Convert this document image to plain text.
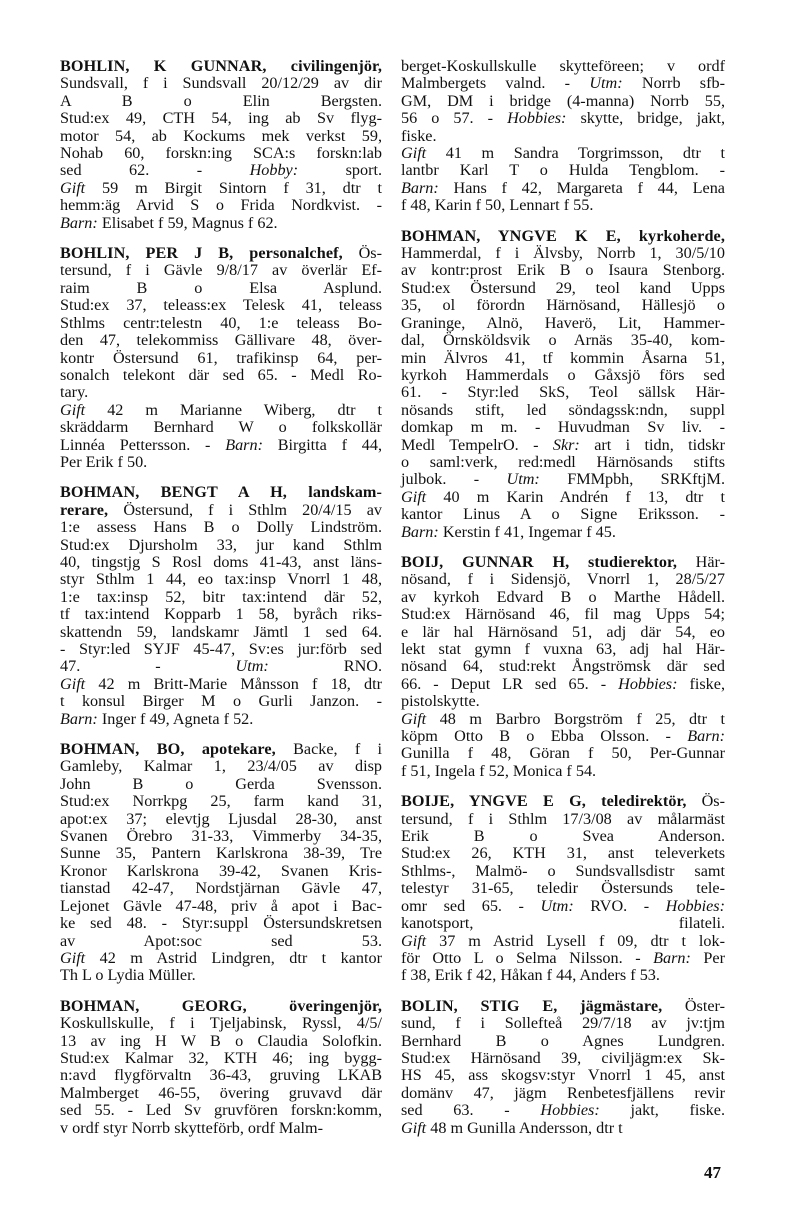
BOHLIN, K GUNNAR, civilingenjör,
Sundsvall, f i Sundsvall 20/12/29 av dir
A B o Elin Bergsten.
Stud:ex 49, CTH 54, ing ab Sv flyg-
motor 54, ab Kockums mek verkst 59,
Nohab 60, forskn:ing SCA:s forskn:lab
sed 62. - Hobby: sport.
Gift 59 m Birgit Sintorn f 31, dtr t
hemm:äg Arvid S o Frida Nordkvist. -
Barn: Elisabet f 59, Magnus f 62.
BOHLIN, PER J B, personalchef, Ös-
tersund, f i Gävle 9/8/17 av överlär Ef-
raim B o Elsa Asplund.
Stud:ex 37, teleass:ex Telesk 41, teleass
Sthlms centr:telestn 40, 1:e teleass Bo-
den 47, telekommiss Gällivare 48, över-
kontr Östersund 61, trafikinsp 64, per-
sonalch telekont där sed 65. - Medl Ro-
tary.
Gift 42 m Marianne Wiberg, dtr t
skräddarm Bernhard W o folkskollär
Linnéa Pettersson. - Barn: Birgitta f 44,
Per Erik f 50.
BOHMAN, BENGT A H, landskam-
rerare, Östersund, f i Sthlm 20/4/15 av
1:e assess Hans B o Dolly Lindström.
Stud:ex Djursholm 33, jur kand Sthlm
40, tingstjg S Rosl doms 41-43, anst läns-
styr Sthlm 1 44, eo tax:insp Vnorrl 1 48,
1:e tax:insp 52, bitr tax:intend där 52,
tf tax:intend Kopparb 1 58, byråch riks-
skattendn 59, landskamr Jämtl 1 sed 64.
- Styr:led SYJF 45-47, Sv:es jur:förb sed
47. - Utm: RNO.
Gift 42 m Britt-Marie Månsson f 18, dtr
t konsul Birger M o Gurli Janzon. -
Barn: Inger f 49, Agneta f 52.
BOHMAN, BO, apotekare, Backe, f i
Gamleby, Kalmar 1, 23/4/05 av disp
John B o Gerda Svensson.
Stud:ex Norrkpg 25, farm kand 31,
apot:ex 37; elevtjg Ljusdal 28-30, anst
Svanen Örebro 31-33, Vimmerby 34-35,
Sunne 35, Pantern Karlskrona 38-39, Tre
Kronor Karlskrona 39-42, Svanen Kris-
tianstad 42-47, Nordstjärnan Gävle 47,
Lejonet Gävle 47-48, priv å apot i Bac-
ke sed 48. - Styr:suppl Östersundskretsen
av Apot:soc sed 53.
Gift 42 m Astrid Lindgren, dtr t kantor
Th L o Lydia Müller.
BOHMAN, GEORG, överingenjör,
Koskullskulle, f i Tjeljabinsk, Ryssl, 4/5/
13 av ing H W B o Claudia Solofkin.
Stud:ex Kalmar 32, KTH 46; ing bygg-
n:avd flygförvaltn 36-43, gruving LKAB
Malmberget 46-55, övering gruvavd där
sed 55. - Led Sv gruvfören forskn:komm,
v ordf styr Norrb skytteförb, ordf Malm-
berget-Koskullskulle skytteföreen; v ordf
Malmbergets valnd. - Utm: Norrb sfb-
GM, DM i bridge (4-manna) Norrb 55,
56 o 57. - Hobbies: skytte, bridge, jakt,
fiske.
Gift 41 m Sandra Torgrimsson, dtr t
lantbr Karl T o Hulda Tengblom. -
Barn: Hans f 42, Margareta f 44, Lena
f 48, Karin f 50, Lennart f 55.
BOHMAN, YNGVE K E, kyrkoherde,
Hammerdal, f i Älvsby, Norrb 1, 30/5/10
av kontr:prost Erik B o Isaura Stenborg.
Stud:ex Östersund 29, teol kand Upps
35, ol förordn Härnösand, Hällesjö o
Graninge, Alnö, Haverö, Lit, Hammer-
dal, Örnsköldsvik o Arnäs 35-40, kom-
min Älvros 41, tf kommin Åsarna 51,
kyrkoh Hammerdals o Gåxsjö förs sed
61. - Styr:led SkS, Teol sällsk Här-
nösands stift, led söndagssk:ndn, suppl
domkap m m. - Huvudman Sv liv. -
Medl TempelrO. - Skr: art i tidn, tidskr
o saml:verk, red:medl Härnösands stifts
julbok. - Utm: FMMpbh, SRKftjM.
Gift 40 m Karin Andrén f 13, dtr t
kantor Linus A o Signe Eriksson. -
Barn: Kerstin f 41, Ingemar f 45.
BOIJ, GUNNAR H, studierektor, Här-
nösand, f i Sidensjö, Vnorrl 1, 28/5/27
av kyrkoh Edvard B o Marthe Hådell.
Stud:ex Härnösand 46, fil mag Upps 54;
e lär hal Härnösand 51, adj där 54, eo
lekt stat gymn f vuxna 63, adj hal Här-
nösand 64, stud:rekt Ångströmsk där sed
66. - Deput LR sed 65. - Hobbies: fiske,
pistolskytte.
Gift 48 m Barbro Borgström f 25, dtr t
köpm Otto B o Ebba Olsson. - Barn:
Gunilla f 48, Göran f 50, Per-Gunnar
f 51, Ingela f 52, Monica f 54.
BOIJE, YNGVE E G, teledirektör, Ös-
tersund, f i Sthlm 17/3/08 av målarmäst
Erik B o Svea Anderson.
Stud:ex 26, KTH 31, anst televerkets
Sthlms-, Malmö- o Sundsvallsdistr samt
telestyr 31-65, teledir Östersunds tele-
omr sed 65. - Utm: RVO. - Hobbies:
kanotsport, filateli.
Gift 37 m Astrid Lysell f 09, dtr t lok-
för Otto L o Selma Nilsson. - Barn: Per
f 38, Erik f 42, Håkan f 44, Anders f 53.
BOLIN, STIG E, jägmästare, Öster-
sund, f i Sollefteå 29/7/18 av jv:tjm
Bernhard B o Agnes Lundgren.
Stud:ex Härnösand 39, civiljägm:ex Sk-
HS 45, ass skogsv:styr Vnorrl 1 45, anst
domänv 47, jägm Renbetesfjällens revir
sed 63. - Hobbies: jakt, fiske.
Gift 48 m Gunilla Andersson, dtr t
47
